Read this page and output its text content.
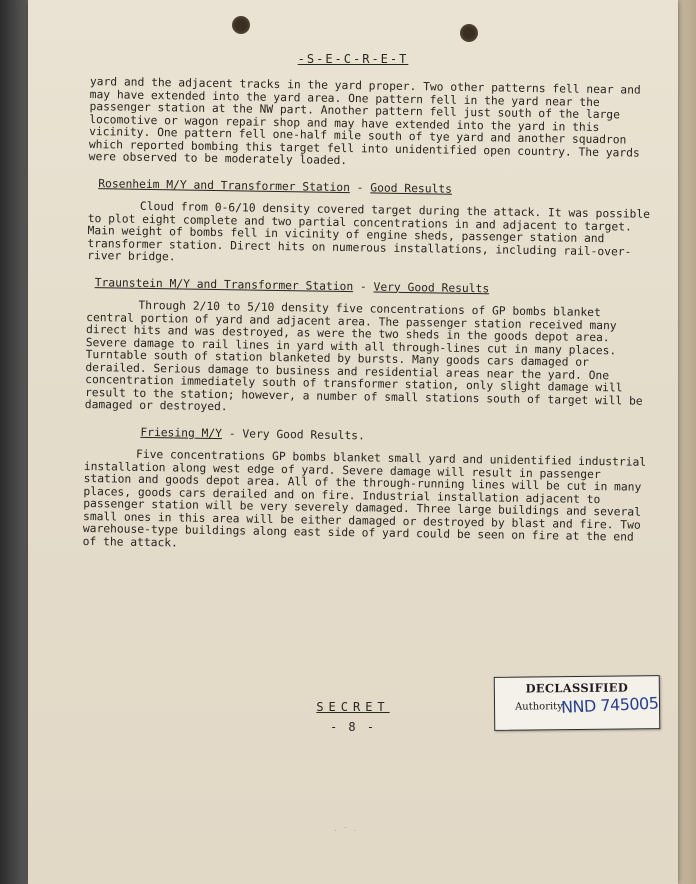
-S-E-C-R-E-T

yard and the adjacent tracks in the yard proper. Two other patterns fell near and may have extended into the yard area. One pattern fell in the yard near the passenger station at the NW part. Another pattern fell just south of the large locomotive or wagon repair shop and may have extended into the yard in this vicinity. One pattern fell one-half mile south of tye yard and another squadron which reported bombing this target fell into unidentified open country. The yards were observed to be moderately loaded.

Rosenheim M/Y and Transformer Station - Good Results

Cloud from 0-6/10 density covered target during the attack. It was possible to plot eight complete and two partial concentrations in and adjacent to target. Main weight of bombs fell in vicinity of engine sheds, passenger station and transformer station. Direct hits on numerous installations, including rail-over-river bridge.

Traunstein M/Y and Transformer Station - Very Good Results

Through 2/10 to 5/10 density five concentrations of GP bombs blanket central portion of yard and adjacent area. The passenger station received many direct hits and was destroyed, as were the two sheds in the goods depot area. Severe damage to rail lines in yard with all through-lines cut in many places. Turntable south of station blanketed by bursts. Many goods cars damaged or derailed. Serious damage to business and residential areas near the yard. One concentration immediately south of transformer station, only slight damage will result to the station; however, a number of small stations south of target will be damaged or destroyed.

Friesing M/Y - Very Good Results.

Five concentrations GP bombs blanket small yard and unidentified industrial installation along west edge of yard. Severe damage will result in passenger station and goods depot area. All of the through-running lines will be cut in many places, goods cars derailed and on fire. Industrial installation adjacent to passenger station will be very severely damaged. Three large buildings and several small ones in this area will be either damaged or destroyed by blast and fire. Two warehouse-type buildings along east side of yard could be seen on fire at the end of the attack.

SECRET
- 8 -
· ˜ ·
DECLASSIFIED
Authority
NND 745005
